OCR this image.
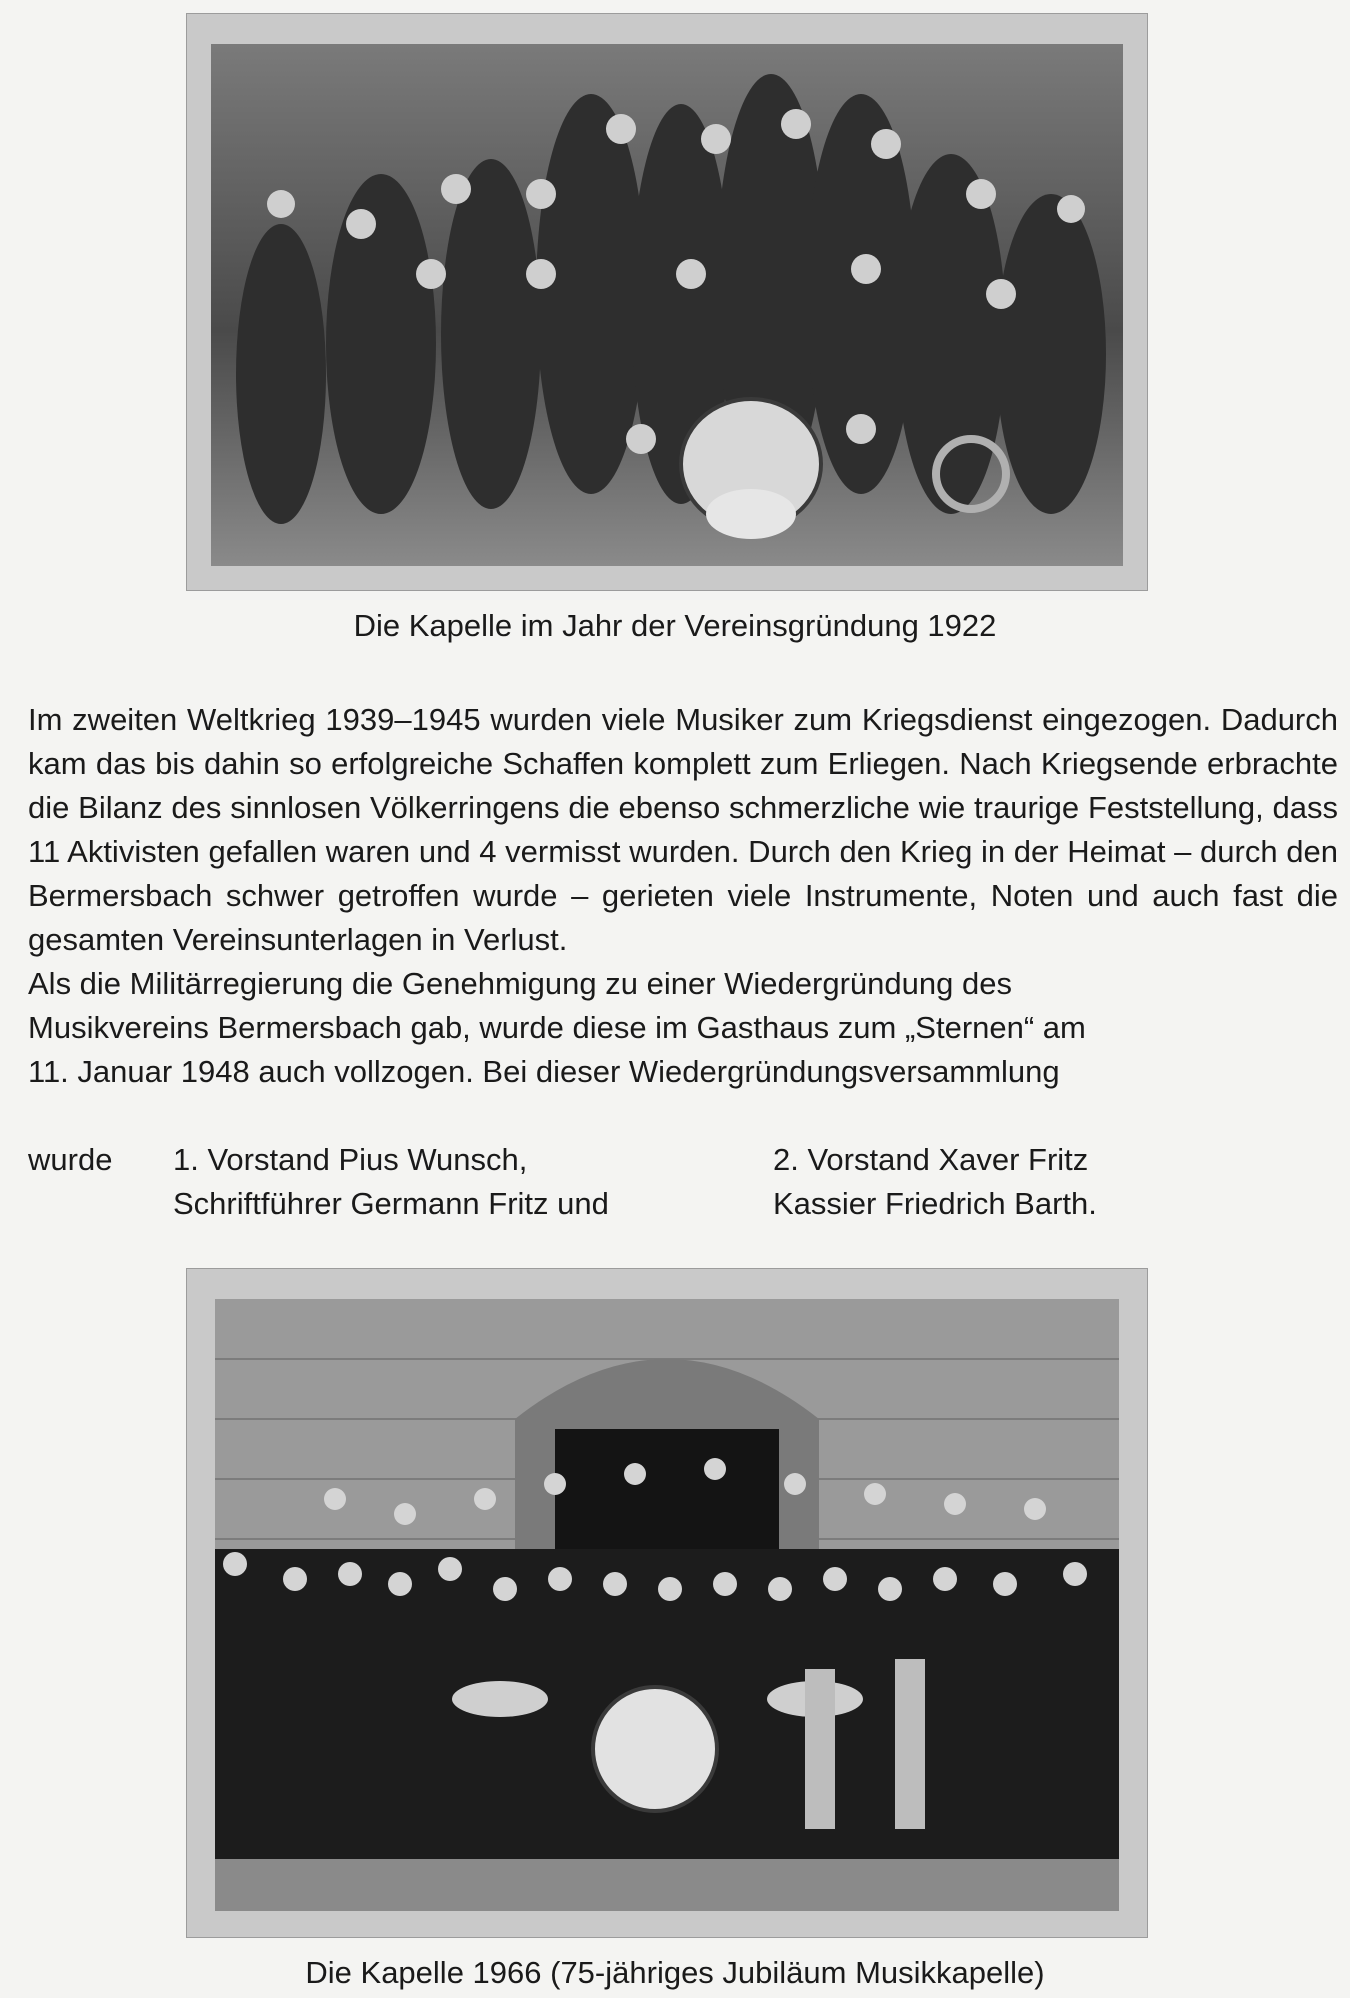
Die Kapelle im Jahr der Vereinsgründung 1922

Im zweiten Weltkrieg 1939–1945 wurden viele Musiker zum Kriegsdienst eingezogen. Dadurch kam das bis dahin so erfolgreiche Schaffen komplett zum Erliegen. Nach Kriegsende erbrachte die Bilanz des sinnlosen Völkerringens die ebenso schmerzliche wie traurige Feststellung, dass 11 Aktivisten gefallen waren und 4 vermisst wurden. Durch den Krieg in der Heimat – durch den Bermersbach schwer getroffen wurde – gerieten viele Instrumente, Noten und auch fast die gesamten Vereinsunterlagen in Verlust.

Als die Militärregierung die Genehmigung zu einer Wiedergründung des

Musikvereins Bermersbach gab, wurde diese im Gasthaus zum „Sternen“ am

11. Januar 1948 auch vollzogen. Bei dieser Wiedergründungsversammlung

wurde 1. Vorstand Pius Wunsch,	2. Vorstand Xaver Fritz
Schriftführer Germann Fritz und	Kassier Friedrich Barth.
Die Kapelle 1966 (75-jähriges Jubiläum Musikkapelle)
